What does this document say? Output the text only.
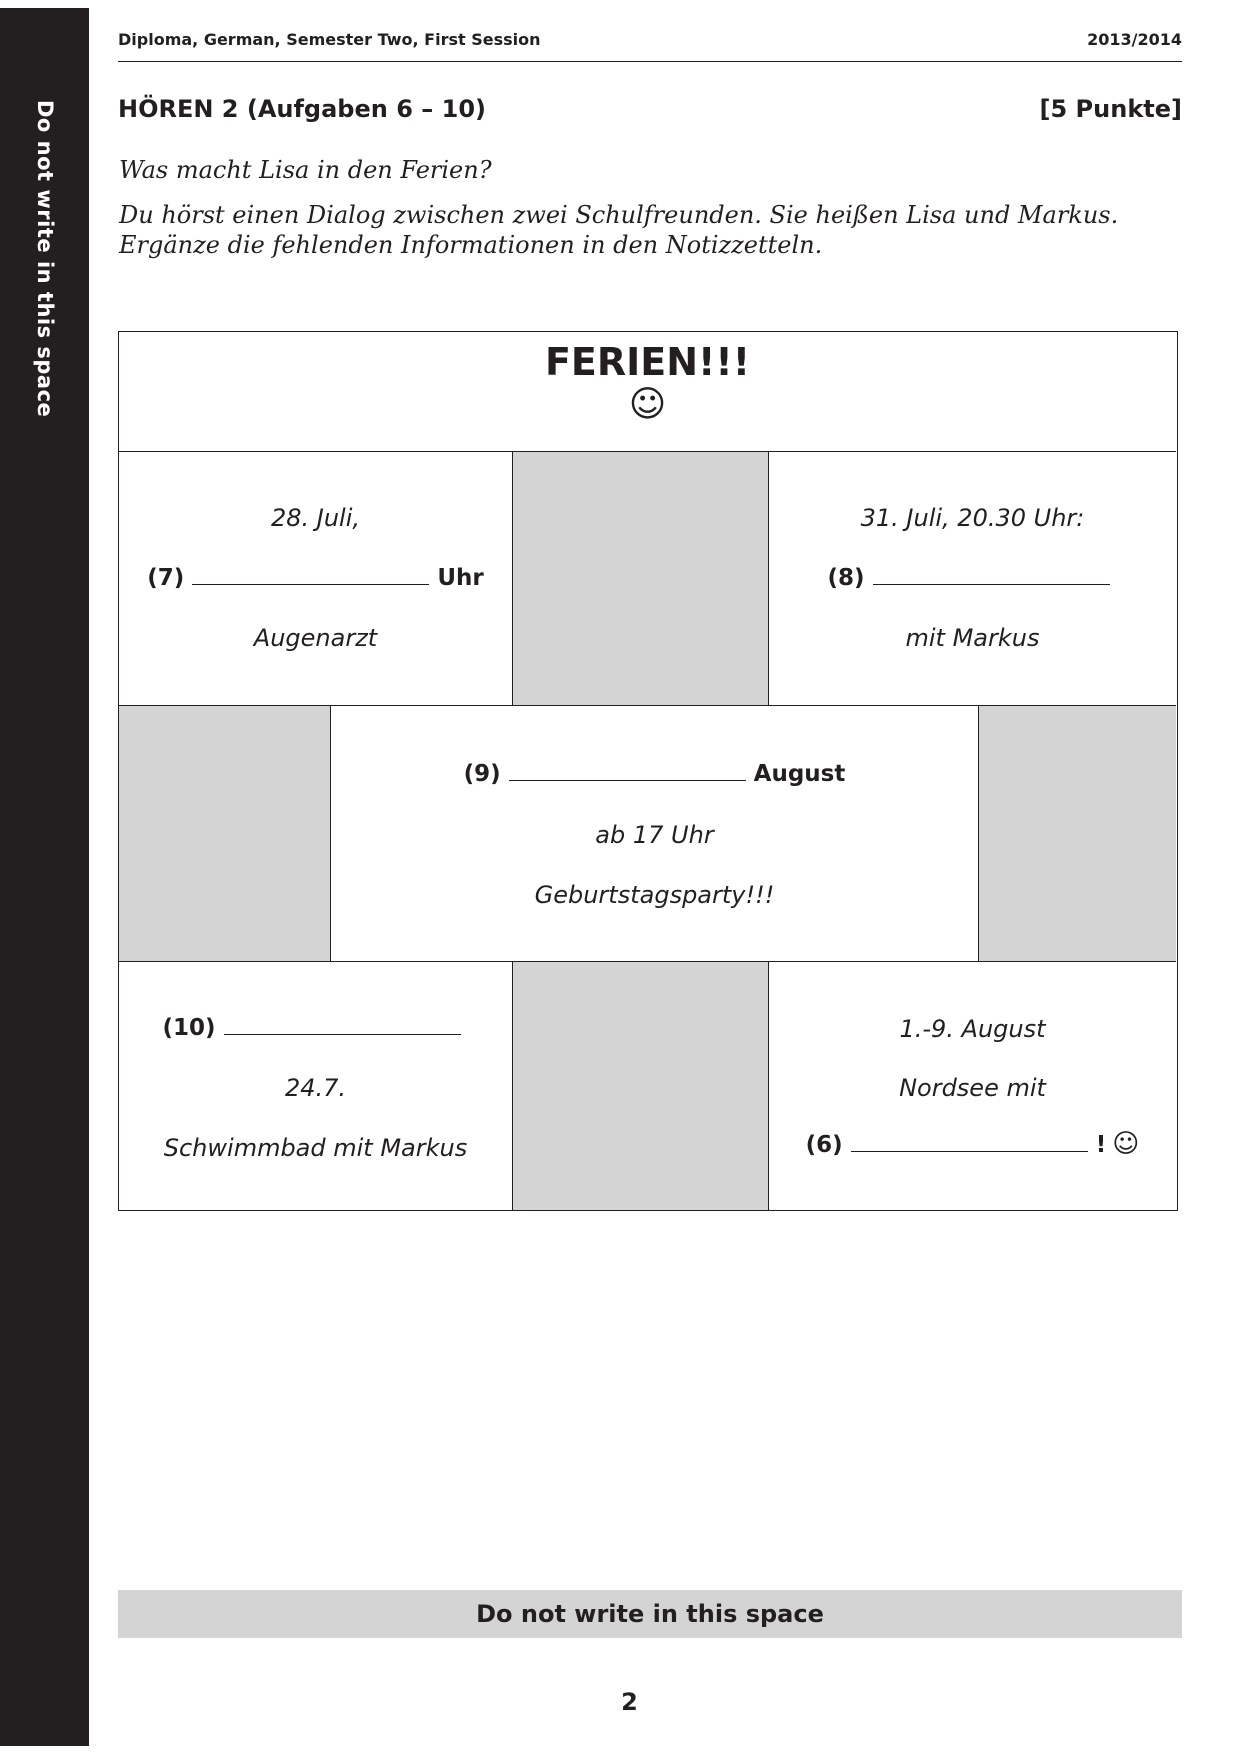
Do not write in this space
Diploma, German, Semester Two, First Session	2013/2014
HÖREN 2 (Aufgaben 6 – 10)	[5 Punkte]
Was macht Lisa in den Ferien?
Du hörst einen Dialog zwischen zwei Schulfreunden. Sie heißen Lisa und Markus.
Ergänze die fehlenden Informationen in den Notizzetteln.
FERIEN!!!
☺
28. Juli,
(7)	Uhr
Augenarzt
31. Juli, 20.30 Uhr:
(8)
mit Markus
(9)	August
ab 17 Uhr
Geburtstagsparty!!!
(10)
24.7.
Schwimmbad mit Markus
1.-9. August
Nordsee mit
(6)	! ☺
Do not write in this space
2
